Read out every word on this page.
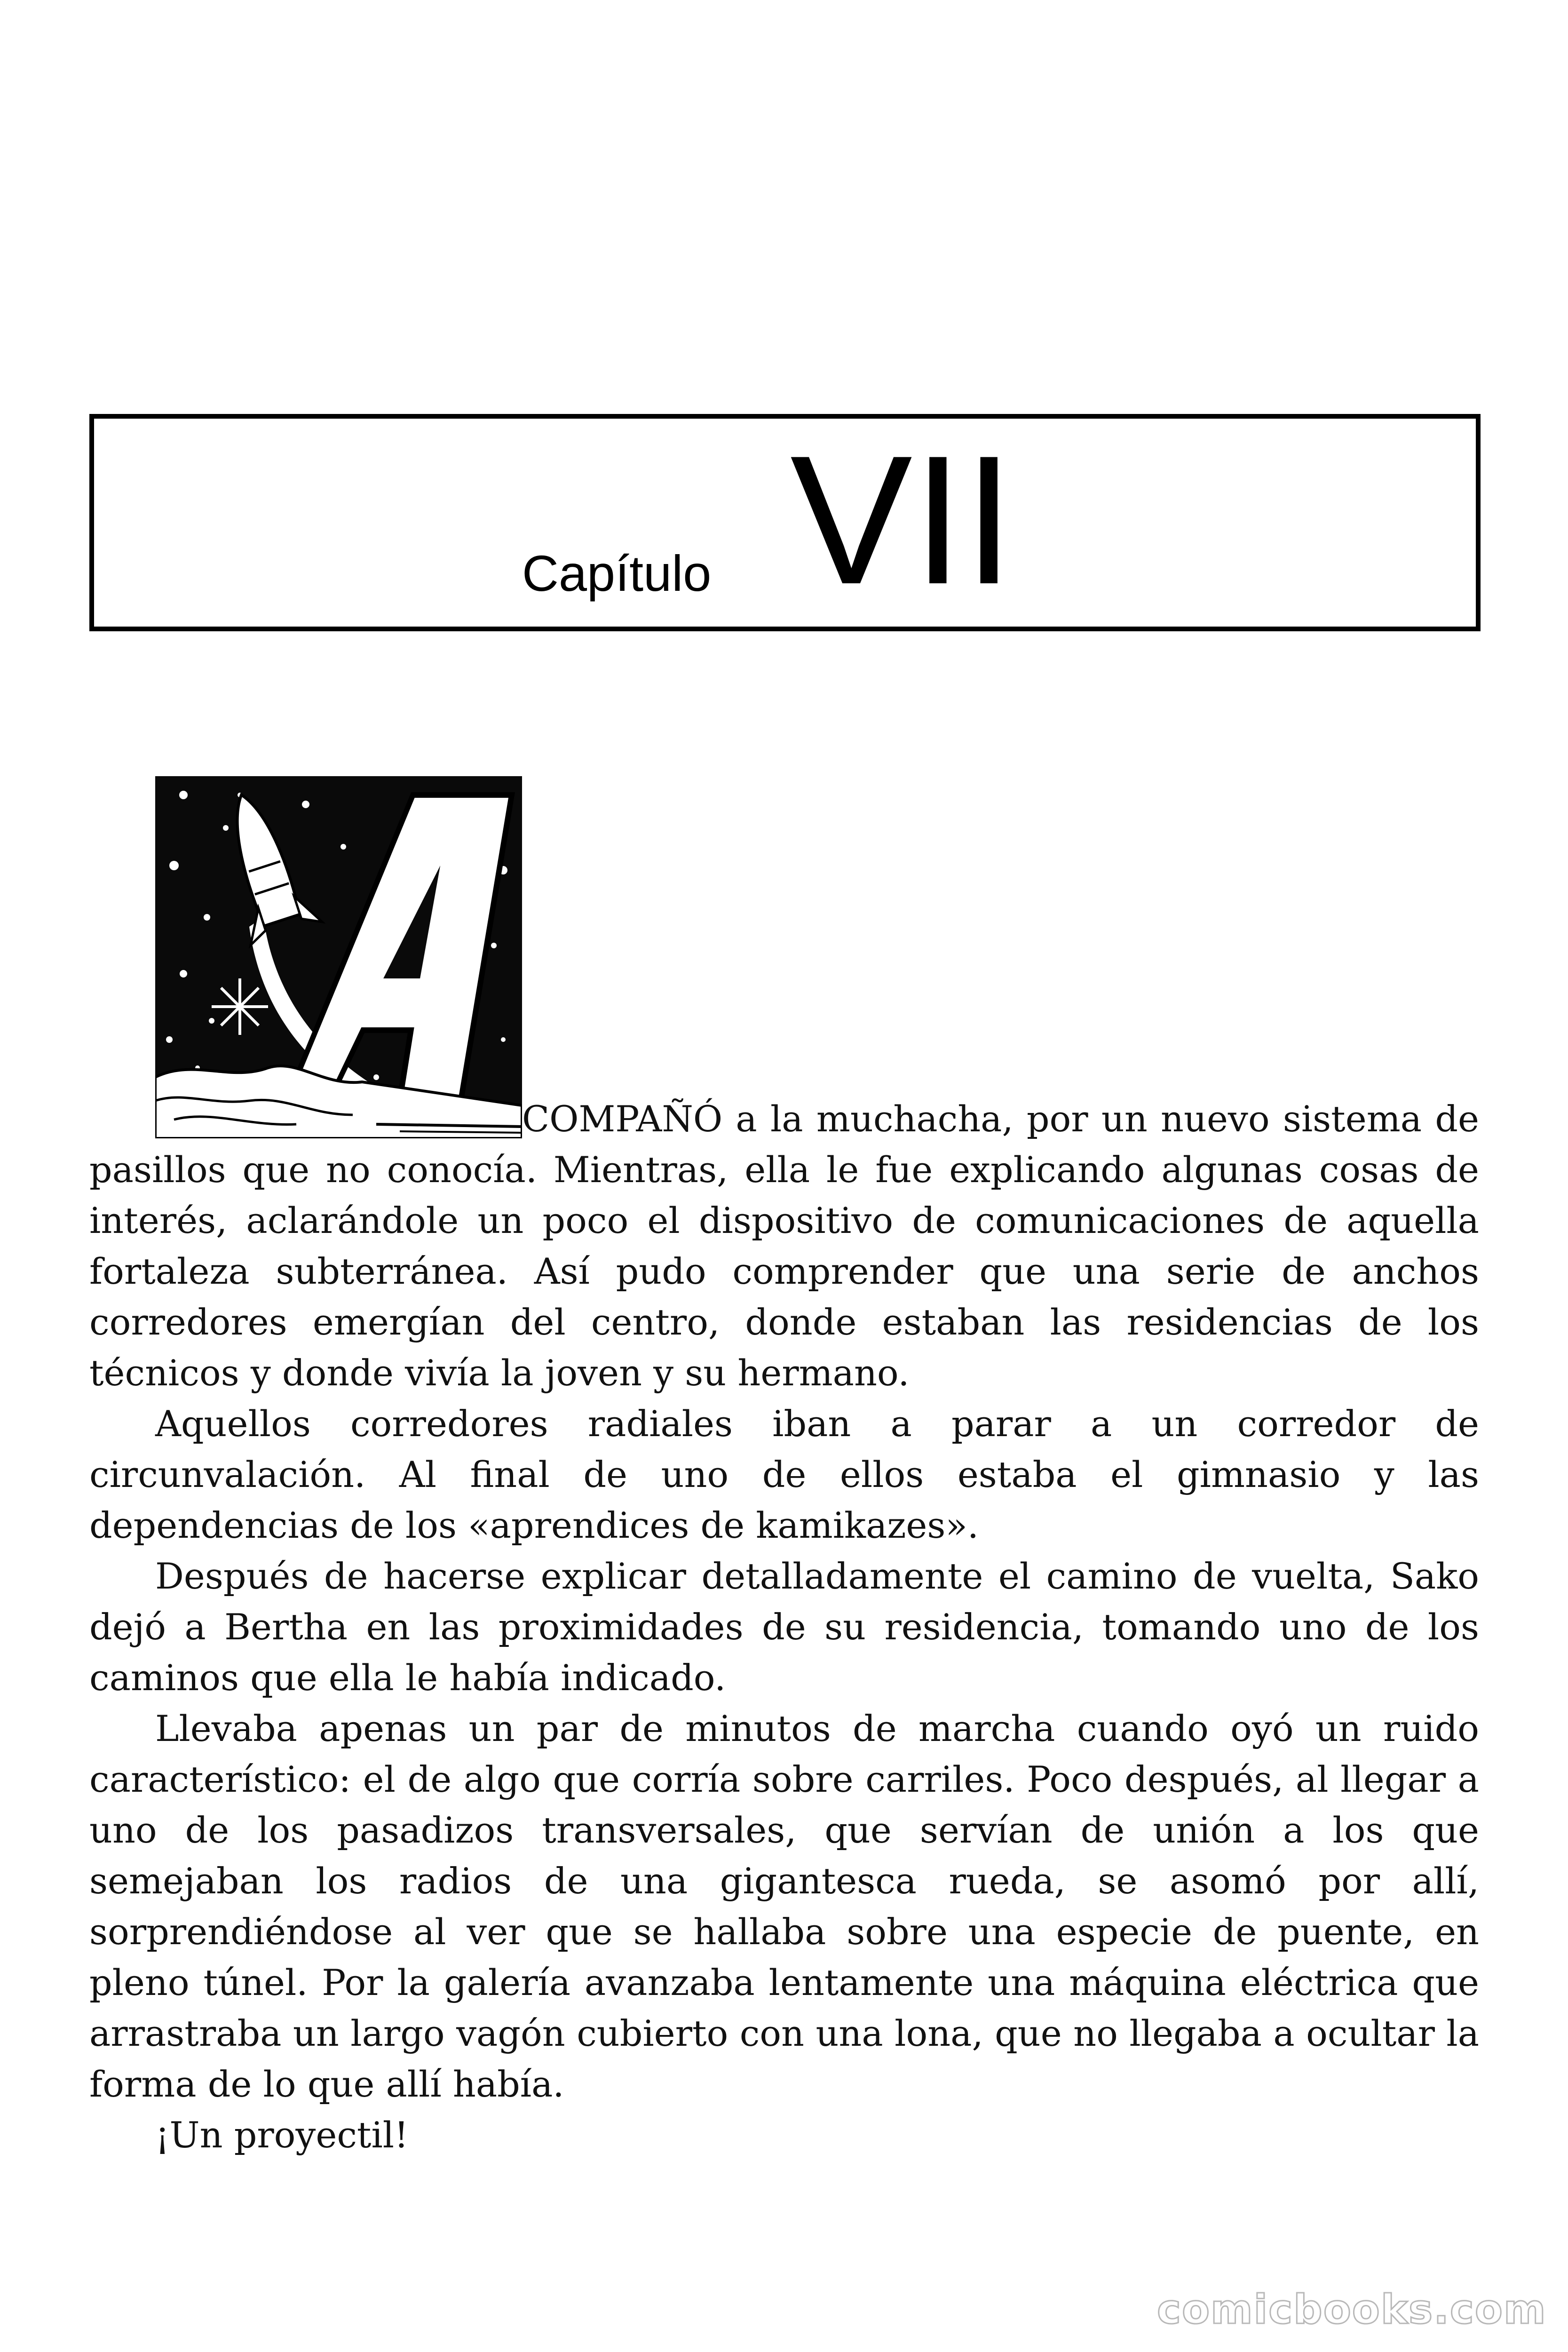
Capítulo VII

COMPAÑÓ a la muchacha, por un nuevo sistema de pasillos que no conocía. Mientras, ella le fue explicando algunas cosas de interés, aclarándole un poco el dispositivo de comunicaciones de aquella fortaleza subterránea. Así pudo comprender que una serie de anchos corredores emergían del centro, donde estaban las residencias de los técnicos y donde vivía la joven y su hermano.

Aquellos corredores radiales iban a parar a un corredor de circunvalación. Al final de uno de ellos estaba el gimnasio y las dependencias de los «aprendices de kamikazes».

Después de hacerse explicar detalladamente el camino de vuelta, Sako dejó a Bertha en las proximidades de su residencia, tomando uno de los caminos que ella le había indicado.

Llevaba apenas un par de minutos de marcha cuando oyó un ruido característico: el de algo que corría sobre carriles. Poco después, al llegar a uno de los pasadizos transversales, que servían de unión a los que semejaban los radios de una gigantesca rueda, se asomó por allí, sorprendiéndose al ver que se hallaba sobre una especie de puente, en pleno túnel. Por la galería avanzaba lentamente una máquina eléctrica que arrastraba un largo vagón cubierto con una lona, que no llegaba a ocultar la forma de lo que allí había.

¡Un proyectil!

comicbooks.com
